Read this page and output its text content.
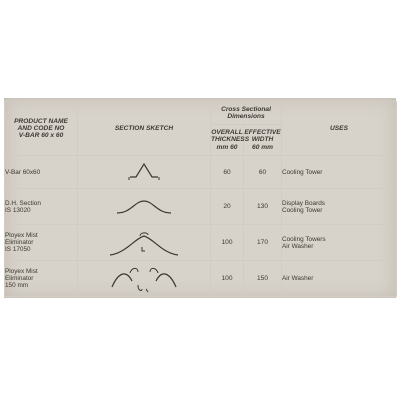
PRODUCT NAME
AND CODE NO
V-BAR 60 x 60	SECTION SKETCH	Cross Sectional
Dimensions		USES

		OVERALL
THICKNESS
mm 60	EFFECTIVE
WIDTH
60 mm	

V-Bar 60x60		60	60	Cooling Tower

D.H. Section
IS 13020		20	130	Display Boards
Cooling Tower

Ployex Mist
Eliminator
IS 17050		100	170	Cooling Towers
Air Washer

Ployex Mist
Eliminator
150 mm		100	150	Air Washer
